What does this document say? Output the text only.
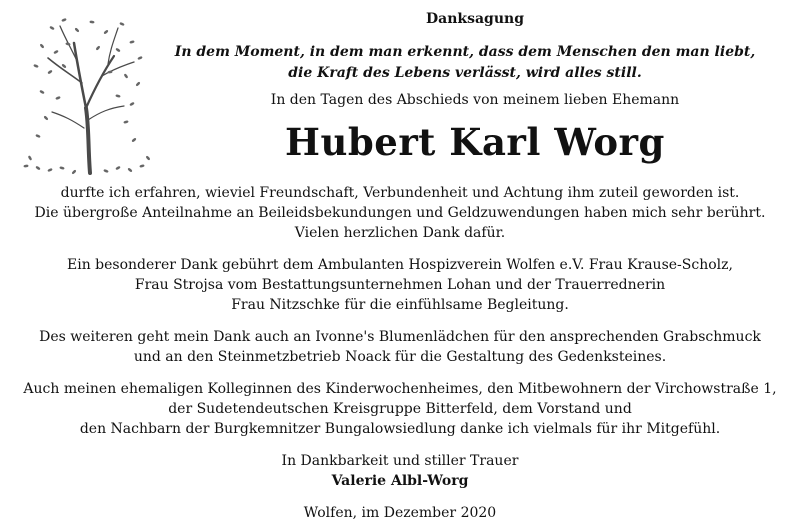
Danksagung
In dem Moment, in dem man erkennt, dass dem Menschen den man liebt,
die Kraft des Lebens verlässt, wird alles still.
In den Tagen des Abschieds von meinem lieben Ehemann
Hubert Karl Worg
durfte ich erfahren, wieviel Freundschaft, Verbundenheit und Achtung ihm zuteil geworden ist.
Die übergroße Anteilnahme an Beileidsbekundungen und Geldzuwendungen haben mich sehr berührt.
Vielen herzlichen Dank dafür.
Ein besonderer Dank gebührt dem Ambulanten Hospizverein Wolfen e.V. Frau Krause-Scholz,
Frau Strojsa vom Bestattungsunternehmen Lohan und der Trauerrednerin
Frau Nitzschke für die einfühlsame Begleitung.
Des weiteren geht mein Dank auch an Ivonne's Blumenlädchen für den ansprechenden Grabschmuck
und an den Steinmetzbetrieb Noack für die Gestaltung des Gedenksteines.
Auch meinen ehemaligen Kolleginnen des Kinderwochenheimes, den Mitbewohnern der Virchowstraße 1,
der Sudetendeutschen Kreisgruppe Bitterfeld, dem Vorstand und
den Nachbarn der Burgkemnitzer Bungalowsiedlung danke ich vielmals für ihr Mitgefühl.
In Dankbarkeit und stiller Trauer
Valerie Albl-Worg
Wolfen, im Dezember 2020
